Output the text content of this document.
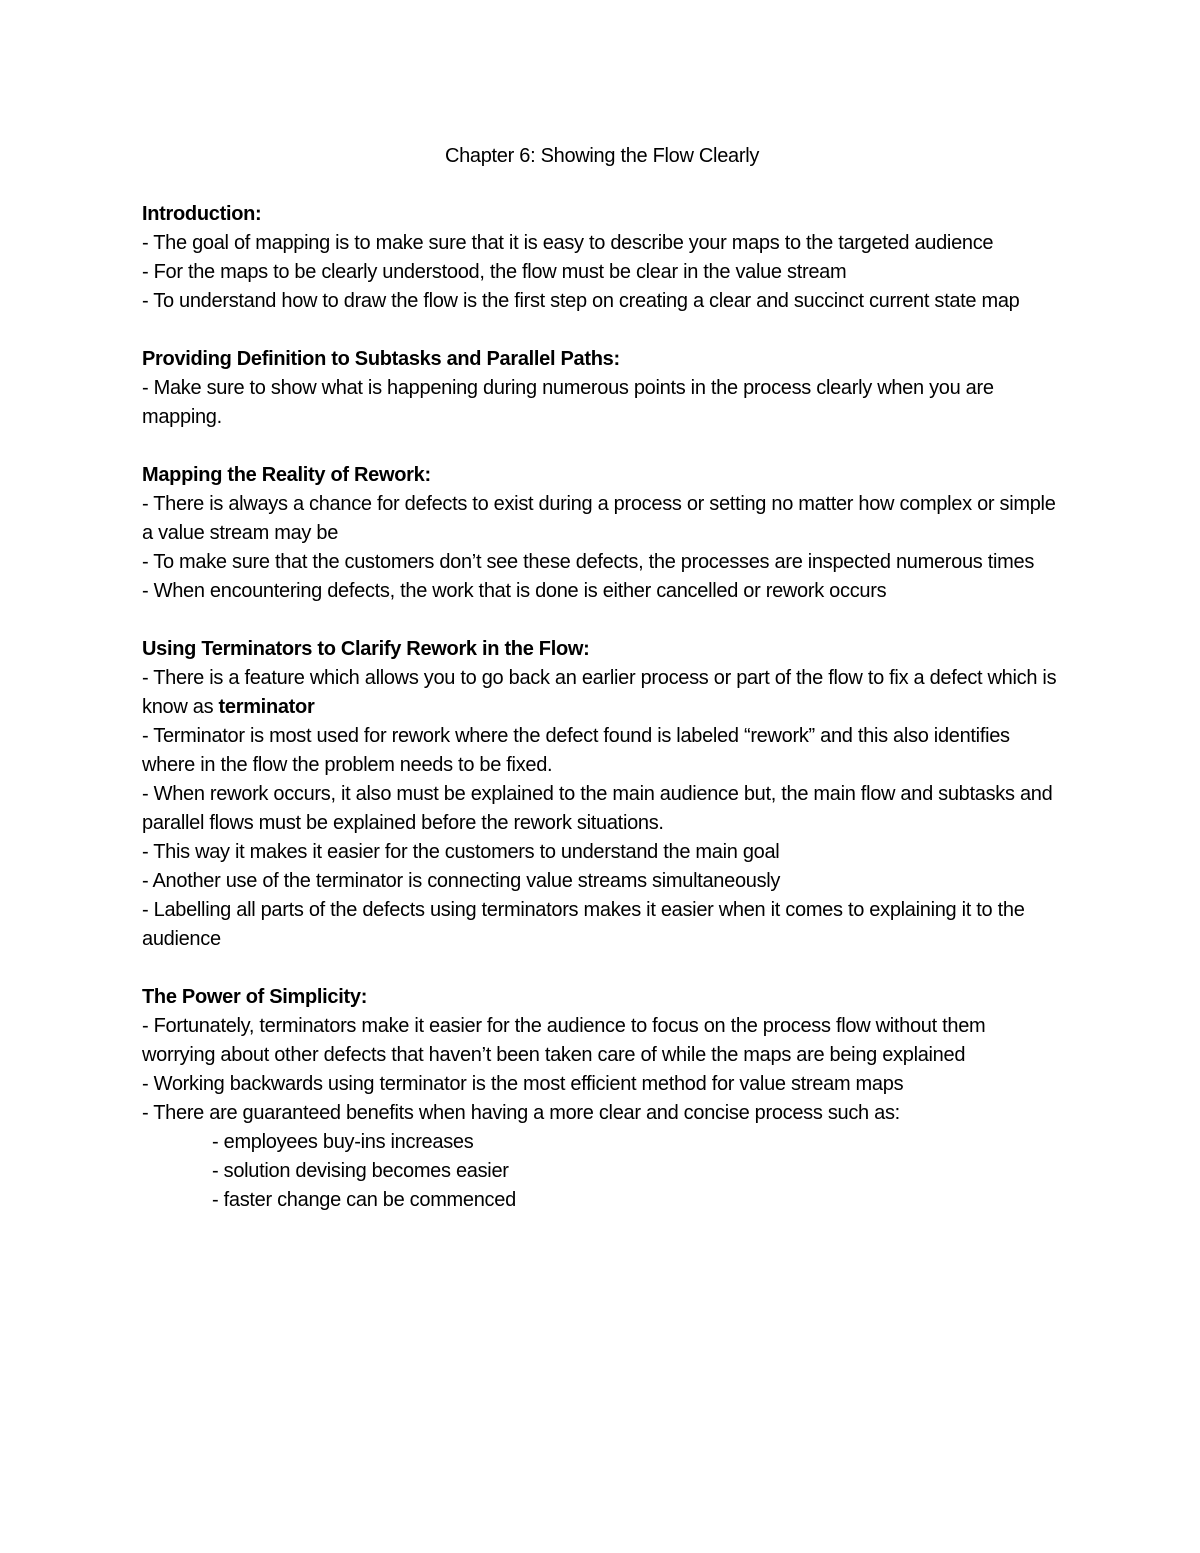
Chapter 6: Showing the Flow Clearly
Introduction:
- The goal of mapping is to make sure that it is easy to describe your maps to the targeted audience
- For the maps to be clearly understood, the flow must be clear in the value stream
- To understand how to draw the flow is the first step on creating a clear and succinct current state map
Providing Definition to Subtasks and Parallel Paths:
- Make sure to show what is happening during numerous points in the process clearly when you are mapping.
Mapping the Reality of Rework:
- There is always a chance for defects to exist during a process or setting no matter how complex or simple a value stream may be
- To make sure that the customers don’t see these defects, the processes are inspected numerous times
- When encountering defects, the work that is done is either cancelled or rework occurs
Using Terminators to Clarify Rework in the Flow:
- There is a feature which allows you to go back an earlier process or part of the flow to fix a defect which is know as terminator
- Terminator is most used for rework where the defect found is labeled “rework” and this also identifies where in the flow the problem needs to be fixed.
- When rework occurs, it also must be explained to the main audience but, the main flow and subtasks and parallel flows must be explained before the rework situations.
- This way it makes it easier for the customers to understand the main goal
- Another use of the terminator is connecting value streams simultaneously
- Labelling all parts of the defects using terminators makes it easier when it comes to explaining it to the audience
The Power of Simplicity:
- Fortunately, terminators make it easier for the audience to focus on the process flow without them worrying about other defects that haven’t been taken care of while the maps are being explained
- Working backwards using terminator is the most efficient method for value stream maps
- There are guaranteed benefits when having a more clear and concise process such as:
- employees buy-ins increases
- solution devising becomes easier
- faster change can be commenced
